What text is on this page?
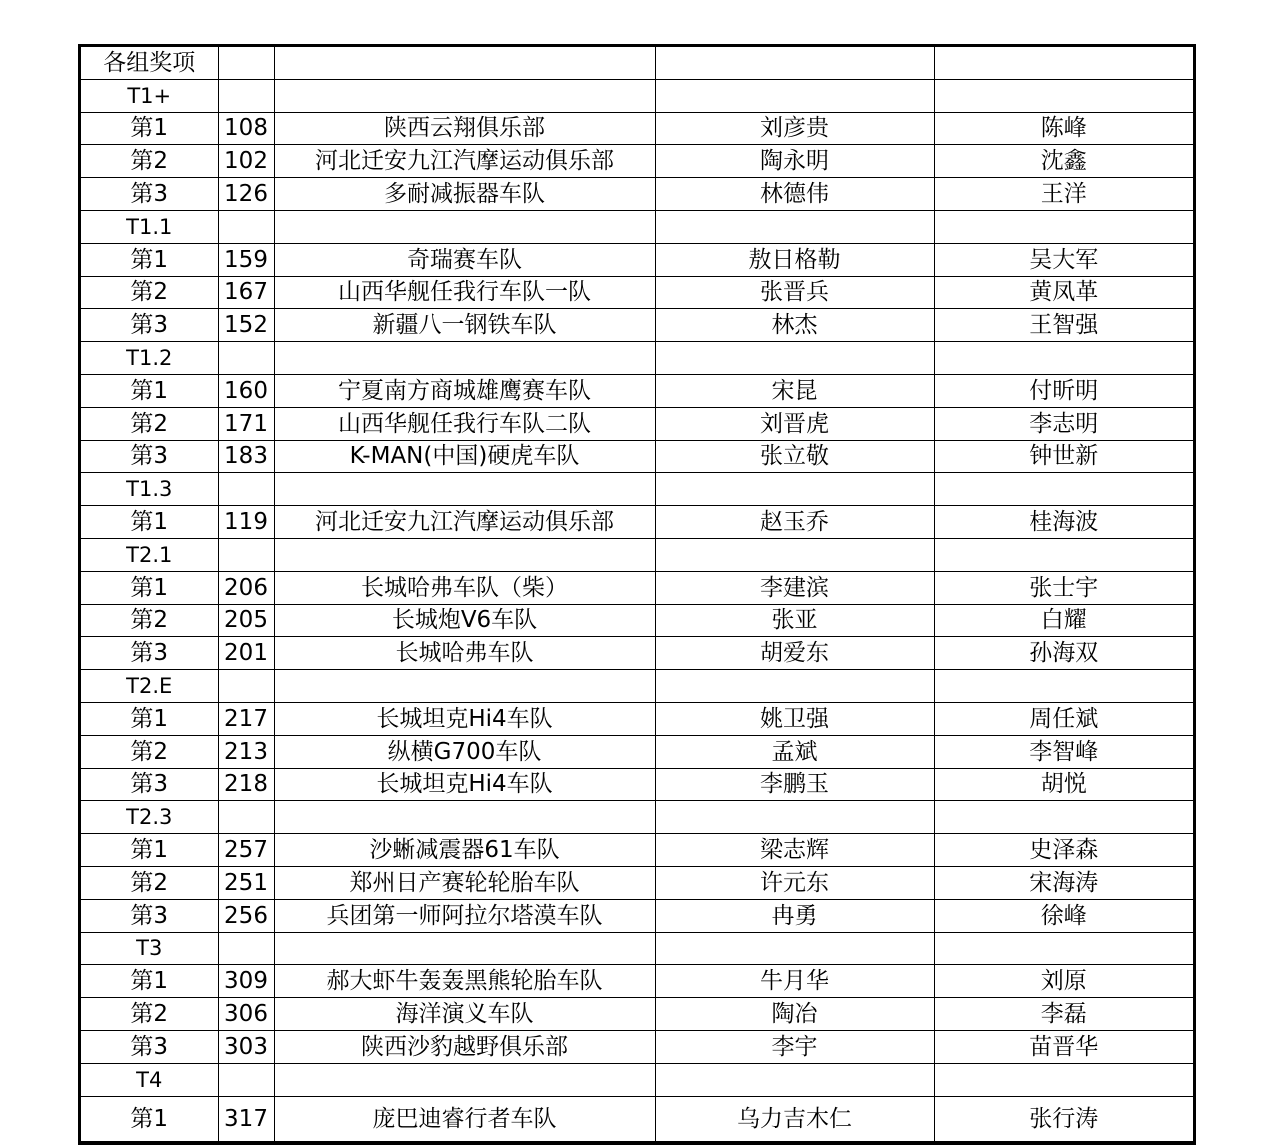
各组奖项				
T1+				
第1	108	陕西云翔俱乐部	刘彦贵	陈峰
第2	102	河北迁安九江汽摩运动俱乐部	陶永明	沈鑫
第3	126	多耐减振器车队	林德伟	王洋
T1.1				
第1	159	奇瑞赛车队	敖日格勒	吴大军
第2	167	山西华舰任我行车队一队	张晋兵	黄凤革
第3	152	新疆八一钢铁车队	林杰	王智强
T1.2				
第1	160	宁夏南方商城雄鹰赛车队	宋昆	付昕明
第2	171	山西华舰任我行车队二队	刘晋虎	李志明
第3	183	K-MAN(中国)硬虎车队	张立敬	钟世新
T1.3				
第1	119	河北迁安九江汽摩运动俱乐部	赵玉乔	桂海波
T2.1				
第1	206	长城哈弗车队（柴）	李建滨	张士宇
第2	205	长城炮V6车队	张亚	白耀
第3	201	长城哈弗车队	胡爱东	孙海双
T2.E				
第1	217	长城坦克Hi4车队	姚卫强	周任斌
第2	213	纵横G700车队	孟斌	李智峰
第3	218	长城坦克Hi4车队	李鹏玉	胡悦
T2.3				
第1	257	沙蜥减震器61车队	梁志辉	史泽森
第2	251	郑州日产赛轮轮胎车队	许元东	宋海涛
第3	256	兵团第一师阿拉尔塔漠车队	冉勇	徐峰
T3				
第1	309	郝大虾牛轰轰黑熊轮胎车队	牛月华	刘原
第2	306	海洋演义车队	陶冶	李磊
第3	303	陕西沙豹越野俱乐部	李宇	苗晋华
T4				
第1	317	庞巴迪睿行者车队	乌力吉木仁	张行涛
